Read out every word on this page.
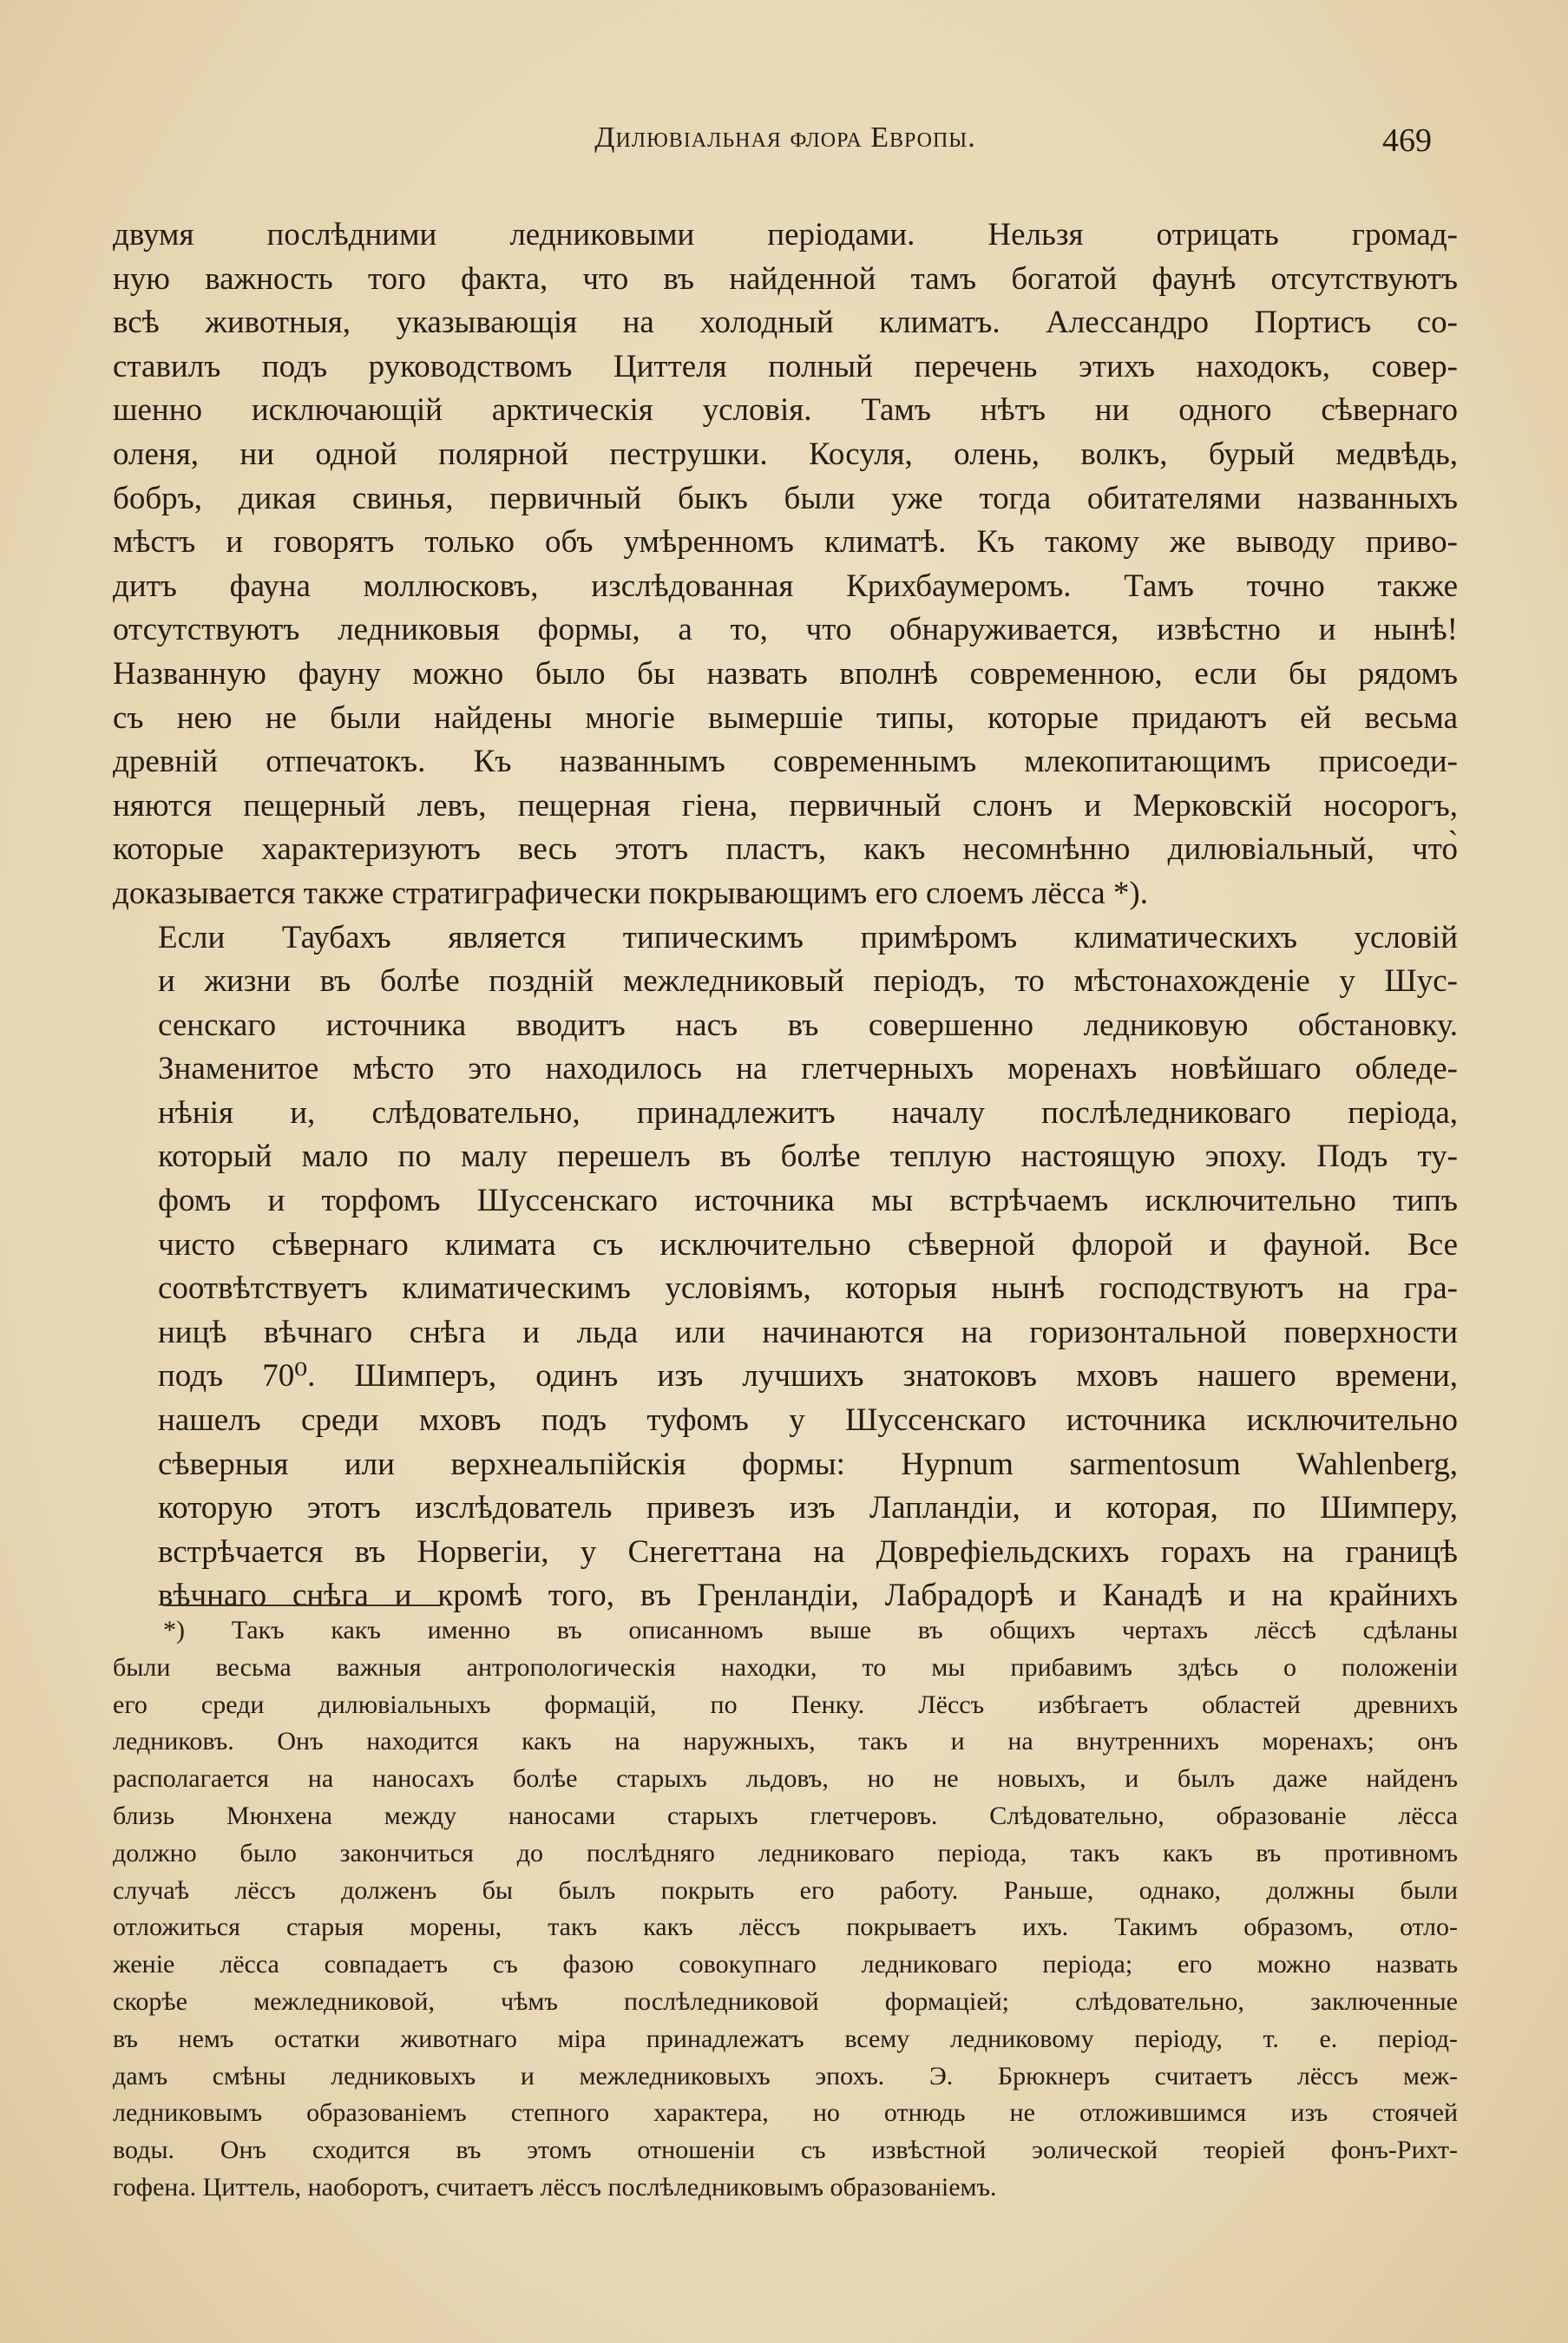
Дилювіальная флора Европы.	469

двумя послѣдними ледниковыми періодами. Нельзя отрицать громад-
ную важность того факта, что въ найденной тамъ богатой фаунѣ отсутствуютъ
всѣ животныя, указывающія на холодный климатъ. Алессандро Портисъ со-
ставилъ подъ руководствомъ Циттеля полный перечень этихъ находокъ, совер-
шенно исключающій арктическія условія. Тамъ нѣтъ ни одного сѣвернаго
оленя, ни одной полярной пеструшки. Косуля, олень, волкъ, бурый медвѣдь,
бобръ, дикая свинья, первичный быкъ были уже тогда обитателями названныхъ
мѣстъ и говорятъ только объ умѣренномъ климатѣ. Къ такому же выводу приво-
дитъ фауна моллюсковъ, изслѣдованная Крихбаумеромъ. Тамъ точно также
отсутствуютъ ледниковыя формы, а то, что обнаруживается, извѣстно и нынѣ!
Названную фауну можно было бы назвать вполнѣ современною, если бы рядомъ
съ нею не были найдены многіе вымершіе типы, которые придаютъ ей весьма
древній отпечатокъ. Къ названнымъ современнымъ млекопитающимъ присоеди-
няются пещерный левъ, пещерная гіена, первичный слонъ и Мерковскій носорогъ,
которые характеризуютъ весь этотъ пластъ, какъ несомнѣнно дилювіальный, что̀
доказывается также стратиграфически покрывающимъ его слоемъ лёсса *).

Если Таубахъ является типическимъ примѣромъ климатическихъ условій
и жизни въ болѣе поздній межледниковый періодъ, то мѣстонахожденіе у Шус-
сенскаго источника вводитъ насъ въ совершенно ледниковую обстановку.
Знаменитое мѣсто это находилось на глетчерныхъ моренахъ новѣйшаго обледе-
нѣнія и, слѣдовательно, принадлежитъ началу послѣледниковаго періода,
который мало по малу перешелъ въ болѣе теплую настоящую эпоху. Подъ ту-
фомъ и торфомъ Шуссенскаго источника мы встрѣчаемъ исключительно типъ
чисто сѣвернаго климата съ исключительно сѣверной флорой и фауной. Все
соотвѣтствуетъ климатическимъ условіямъ, которыя нынѣ господствуютъ на гра-
ницѣ вѣчнаго снѣга и льда или начинаются на горизонтальной поверхности
подъ 70⁰. Шимперъ, одинъ изъ лучшихъ знатоковъ мховъ нашего времени,
нашелъ среди мховъ подъ туфомъ у Шуссенскаго источника исключительно
сѣверныя или верхнеальпійскія формы: Hypnum sarmentosum Wahlenberg,
которую этотъ изслѣдователь привезъ изъ Лапландіи, и которая, по Шимперу,
встрѣчается въ Норвегіи, у Снегеттана на Доврефіельдскихъ горахъ на границѣ
вѣчнаго снѣга и кромѣ того, въ Гренландіи, Лабрадорѣ и Канадѣ и на крайнихъ

*) Такъ какъ именно въ описанномъ выше въ общихъ чертахъ лёссѣ сдѣланы
были весьма важныя антропологическія находки, то мы прибавимъ здѣсь о положеніи
его среди дилювіальныхъ формацій, по Пенку. Лёссъ избѣгаетъ областей древнихъ
ледниковъ. Онъ находится какъ на наружныхъ, такъ и на внутреннихъ моренахъ; онъ
располагается на наносахъ болѣе старыхъ льдовъ, но не новыхъ, и былъ даже найденъ
близь Мюнхена между наносами старыхъ глетчеровъ. Слѣдовательно, образованіе лёсса
должно было закончиться до послѣдняго ледниковаго періода, такъ какъ въ противномъ
случаѣ лёссъ долженъ бы былъ покрыть его работу. Раньше, однако, должны были
отложиться старыя морены, такъ какъ лёссъ покрываетъ ихъ. Такимъ образомъ, отло-
женіе лёсса совпадаетъ съ фазою совокупнаго ледниковаго періода; его можно назвать
скорѣе межледниковой, чѣмъ послѣледниковой формаціей; слѣдовательно, заключенные
въ немъ остатки животнаго міра принадлежатъ всему ледниковому періоду, т. е. період-
дамъ смѣны ледниковыхъ и межледниковыхъ эпохъ. Э. Брюкнеръ считаетъ лёссъ меж-
ледниковымъ образованіемъ степного характера, но отнюдь не отложившимся изъ стоячей
воды. Онъ сходится въ этомъ отношеніи съ извѣстной эолической теоріей фонъ-Рихт-
гофена. Циттель, наоборотъ, считаетъ лёссъ послѣледниковымъ образованіемъ.
